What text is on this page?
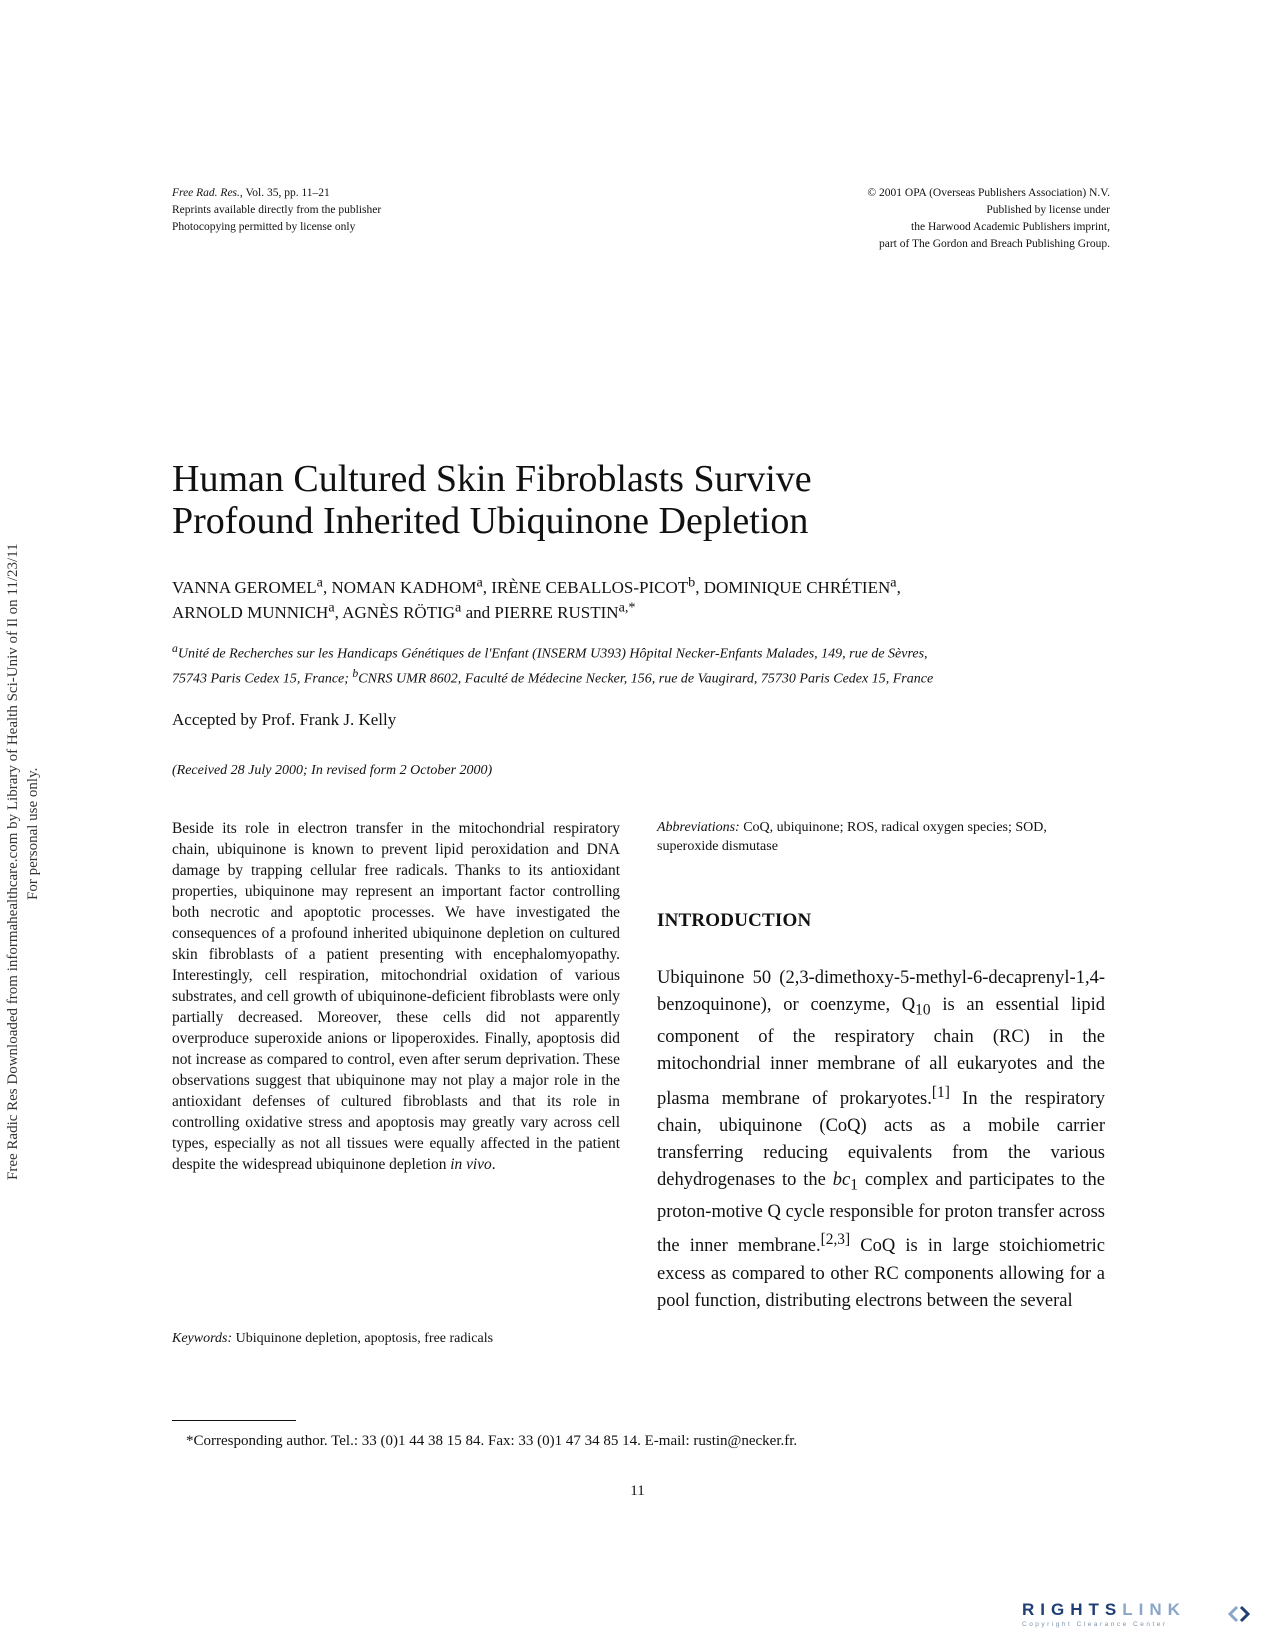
Free Rad. Res., Vol. 35, pp. 11–21
Reprints available directly from the publisher
Photocopying permitted by license only
© 2001 OPA (Overseas Publishers Association) N.V.
Published by license under
the Harwood Academic Publishers imprint,
part of The Gordon and Breach Publishing Group.
Free Radic Res Downloaded from informahealthcare.com by Library of Health Sci-Univ of Il on 11/23/11 For personal use only.
Human Cultured Skin Fibroblasts Survive
Profound Inherited Ubiquinone Depletion
VANNA GEROMEL$^a$, NOMAN KADHOM$^a$, IRÈNE CEBALLOS-PICOT$^b$, DOMINIQUE CHRÉTIEN$^a$,
ARNOLD MUNNICH$^a$, AGNÈS RÖTIG$^a$ and PIERRE $RUSTIN^{a,*}$
$^a$Unité de Recherches sur les Handicaps Génétiques de l'Enfant (INSERM U393) Hôpital Necker-Enfants Malades, 149, rue de Sèvres,
75743 Paris Cedex 15, France; $^b$CNRS UMR 8602, Faculté de Médecine Necker, 156, rue de Vaugirard, 75730 Paris Cedex 15, France
Accepted by Prof. Frank J. Kelly
(Received 28 July 2000; In revised form 2 October 2000)
Beside its role in electron transfer in the mitochondrial respiratory chain, ubiquinone is known to prevent lipid peroxidation and DNA damage by trapping cellular free radicals. Thanks to its antioxidant properties, ubiquinone may represent an important factor controlling both necrotic and apoptotic processes. We have investigated the consequences of a profound inherited ubiquinone depletion on cultured skin fibroblasts of a patient presenting with encephalomyopathy. Interestingly, cell respiration, mitochondrial oxidation of various substrates, and cell growth of ubiquinone-deficient fibroblasts were only partially decreased. Moreover, these cells did not apparently overproduce superoxide anions or lipoperoxides. Finally, apoptosis did not increase as compared to control, even after serum deprivation. These observations suggest that ubiquinone may not play a major role in the antioxidant defenses of cultured fibroblasts and that its role in controlling oxidative stress and apoptosis may greatly vary across cell types, especially as not all tissues were equally affected in the patient despite the widespread ubiquinone depletion in vivo.
Keywords: Ubiquinone depletion, apoptosis, free radicals
Abbreviations: CoQ, ubiquinone; ROS, radical oxygen species; SOD, superoxide dismutase
INTRODUCTION
Ubiquinone 50 (2,3-dimethoxy-5-methyl-6-decaprenyl-1,4-benzoquinone), or coenzyme, $Q_{10}$ is an essential lipid component of the respiratory chain (RC) in the mitochondrial inner membrane of all eukaryotes and the plasma membrane of prokaryotes.[1] In the respiratory chain, ubiquinone (CoQ) acts as a mobile carrier transferring reducing equivalents from the various dehydrogenases to the $bc_1$ complex and participates to the proton-motive Q cycle responsible for proton transfer across the inner membrane.[2,3] CoQ is in large stoichiometric excess as compared to other RC components allowing for a pool function, distributing electrons between the several
*Corresponding author. Tel.: 33 (0)1 44 38 15 84. Fax: 33 (0)1 47 34 85 14. E-mail: rustin@necker.fr.
11
RIGHTSLINK
Copyright Clearance Center
